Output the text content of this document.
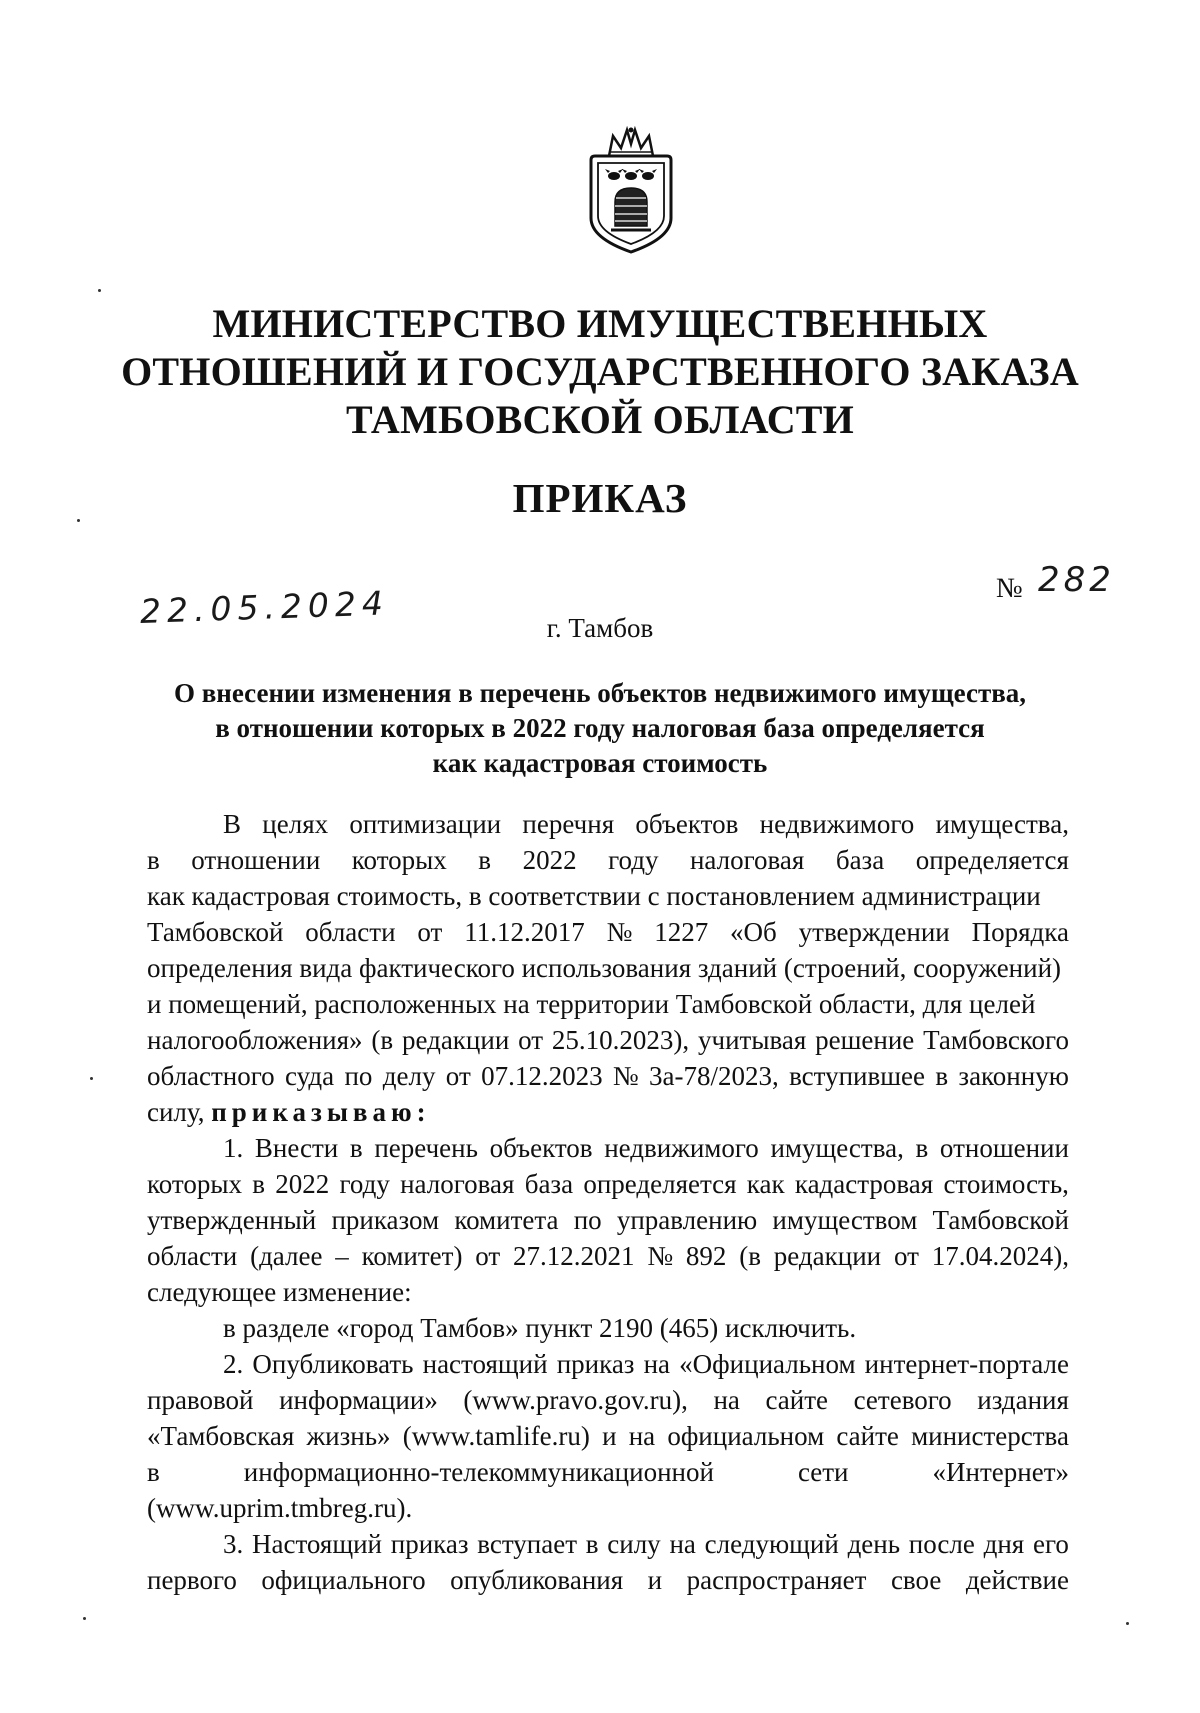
МИНИСТЕРСТВО ИМУЩЕСТВЕННЫХ
ОТНОШЕНИЙ И ГОСУДАРСТВЕННОГО ЗАКАЗА
ТАМБОВСКОЙ ОБЛАСТИ
ПРИКАЗ
22.05.2024	№ 282
г. Тамбов
О внесении изменения в перечень объектов недвижимого имущества,
в отношении которых в 2022 году налоговая база определяется
как кадастровая стоимость
В целях оптимизации перечня объектов недвижимого имущества,
в отношении которых в 2022 году налоговая база определяется
как кадастровая стоимость, в соответствии с постановлением администрации
Тамбовской области от 11.12.2017 № 1227 «Об утверждении Порядка
определения вида фактического использования зданий (строений, сооружений)
и помещений, расположенных на территории Тамбовской области, для целей
налогообложения» (в редакции от 25.10.2023), учитывая решение Тамбовского
областного суда по делу от 07.12.2023 № 3а-78/2023, вступившее в законную
силу, приказываю:
1. Внести в перечень объектов недвижимого имущества, в отношении
которых в 2022 году налоговая база определяется как кадастровая стоимость,
утвержденный приказом комитета по управлению имуществом Тамбовской
области (далее – комитет) от 27.12.2021 № 892 (в редакции от 17.04.2024),
следующее изменение:
в разделе «город Тамбов» пункт 2190 (465) исключить.
2. Опубликовать настоящий приказ на «Официальном интернет-портале
правовой информации» (www.pravo.gov.ru), на сайте сетевого издания
«Тамбовская жизнь» (www.tamlife.ru) и на официальном сайте министерства
в	информационно-телекоммуникационной	сети	«Интернет»
(www.uprim.tmbreg.ru).
3. Настоящий приказ вступает в силу на следующий день после дня его
первого официального опубликования и распространяет свое действие
